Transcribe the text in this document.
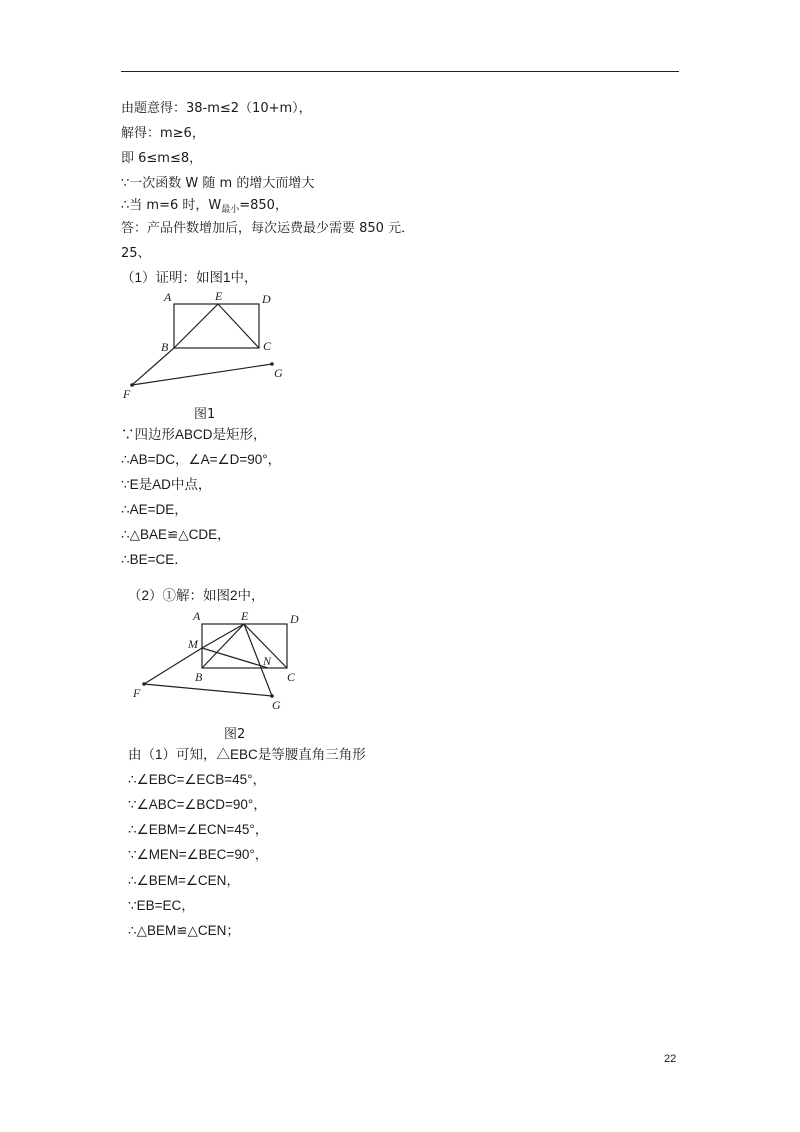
由题意得：38-m≤2（10+m），
解得：m≥6，
即 6≤m≤8，
∵一次函数 W 随 m 的增大而增大
∴当 m=6 时，$W_{最小}=850$，
答：产品件数增加后，每次运费最少需要 850 元．
25、
（1）证明：如图1中，
A	E	D
B	C
F
G
图1
∵四边形ABCD是矩形，
∴AB=DC，∠A=∠D=90°，
∵E是AD中点，
∴AE=DE，
∴△BAE≌△CDE，
∴BE=CE．
（2）①解：如图2中，
A	E	D
M
N
B	C
F
G
图2
由（1）可知，△EBC是等腰直角三角形
∴∠EBC=∠ECB=45°，
∵∠ABC=∠BCD=90°，
∴∠EBM=∠ECN=45°，
∵∠MEN=∠BEC=90°，
∴∠BEM=∠CEN，
∵EB=EC，
∴△BEM≌△CEN；
22
